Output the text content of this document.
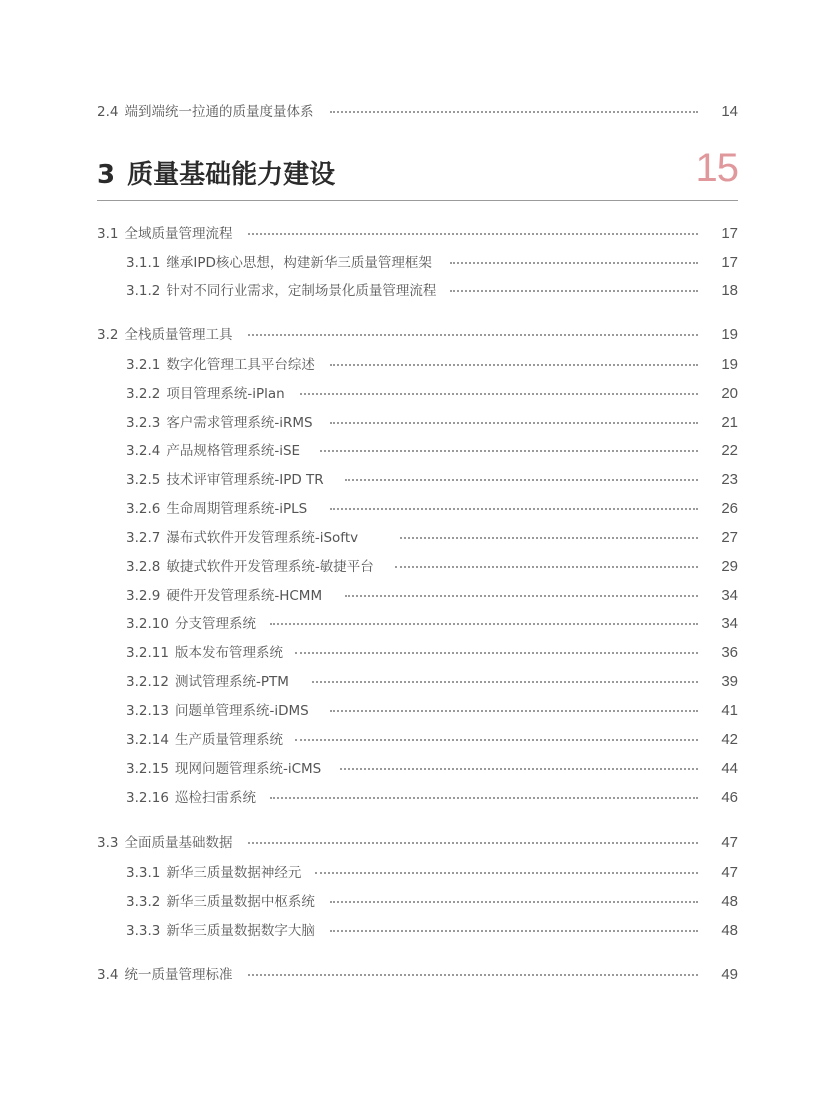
2.4 端到端统一拉通的质量度量体系	14
3 质量基础能力建设	15
3.1 全域质量管理流程	17
3.1.1 继承IPD核心思想，构建新华三质量管理框架	17
3.1.2 针对不同行业需求，定制场景化质量管理流程	18
3.2 全栈质量管理工具	19
3.2.1 数字化管理工具平台综述	19
3.2.2 项目管理系统-iPlan	20
3.2.3 客户需求管理系统-iRMS	21
3.2.4 产品规格管理系统-iSE	22
3.2.5 技术评审管理系统-IPD TR	23
3.2.6 生命周期管理系统-iPLS	26
3.2.7 瀑布式软件开发管理系统-iSoftv	27
3.2.8 敏捷式软件开发管理系统-敏捷平台	29
3.2.9 硬件开发管理系统-HCMM	34
3.2.10 分支管理系统	34
3.2.11 版本发布管理系统	36
3.2.12 测试管理系统-PTM	39
3.2.13 问题单管理系统-iDMS	41
3.2.14 生产质量管理系统	42
3.2.15 现网问题管理系统-iCMS	44
3.2.16 巡检扫雷系统	46
3.3 全面质量基础数据	47
3.3.1 新华三质量数据神经元	47
3.3.2 新华三质量数据中枢系统	48
3.3.3 新华三质量数据数字大脑	48
3.4 统一质量管理标准	49
